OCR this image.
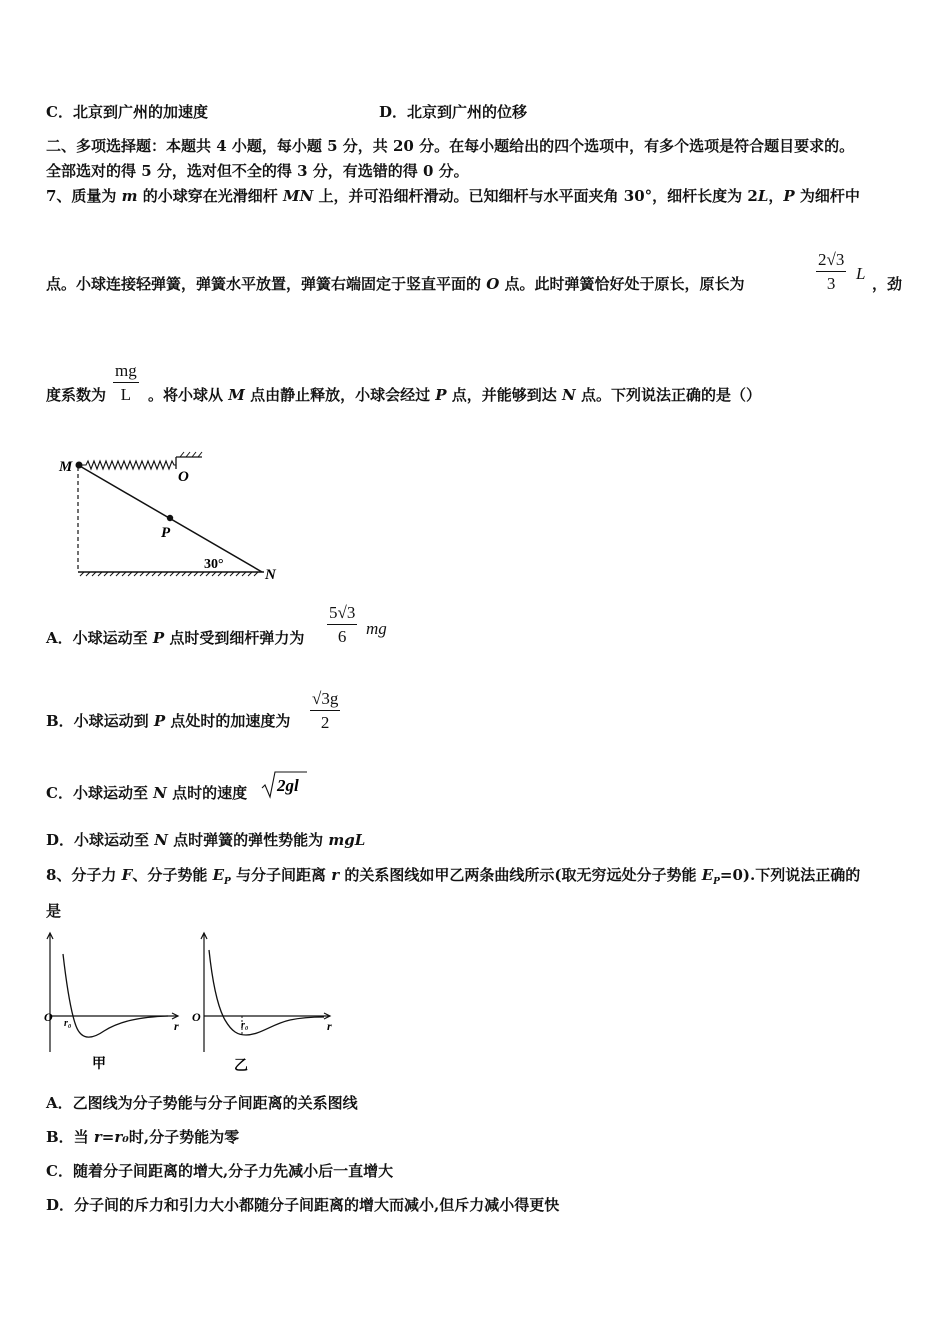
C．北京到广州的加速度	D．北京到广州的位移
二、多项选择题：本题共 4 小题，每小题 5 分，共 20 分。在每小题给出的四个选项中，有多个选项是符合题目要求的。
全部选对的得 5 分，选对但不全的得 3 分，有选错的得 0 分。
7、质量为 m 的小球穿在光滑细杆 MN 上，并可沿细杆滑动。已知细杆与水平面夹角 30°，细杆长度为 2L，P 为细杆中
点。小球连接轻弹簧，弹簧水平放置，弹簧右端固定于竖直平面的 O 点。此时弹簧恰好处于原长，原长为	$\frac{2√3}{3}$ L
，劲
度系数为 $\frac{mg}{L}$ 。将小球从 M 点由静止释放，小球会经过 P 点，并能够到达 N 点。下列说法正确的是（）
M
O
P
N
30°
A．小球运动至 P 点时受到细杆弹力为 $\frac{5√3}{6}$ mg
B．小球运动到 P 点处时的加速度为 $\frac{√3g}{2}$
C．小球运动至 N 点时的速度 2gl
D．小球运动至 N 点时弹簧的弹性势能为 mgL
8、分子力 F、分子势能 $E_P$ 与分子间距离 r 的关系图线如甲乙两条曲线所示(取无穷远处分子势能 $E_P=0$).下列说法正确的
是
O r₀	r
甲
O
r₀	r
乙
A．乙图线为分子势能与分子间距离的关系图线
B．当 r=r₀时,分子势能为零
C．随着分子间距离的增大,分子力先减小后一直增大
D．分子间的斥力和引力大小都随分子间距离的增大而减小,但斥力减小得更快
